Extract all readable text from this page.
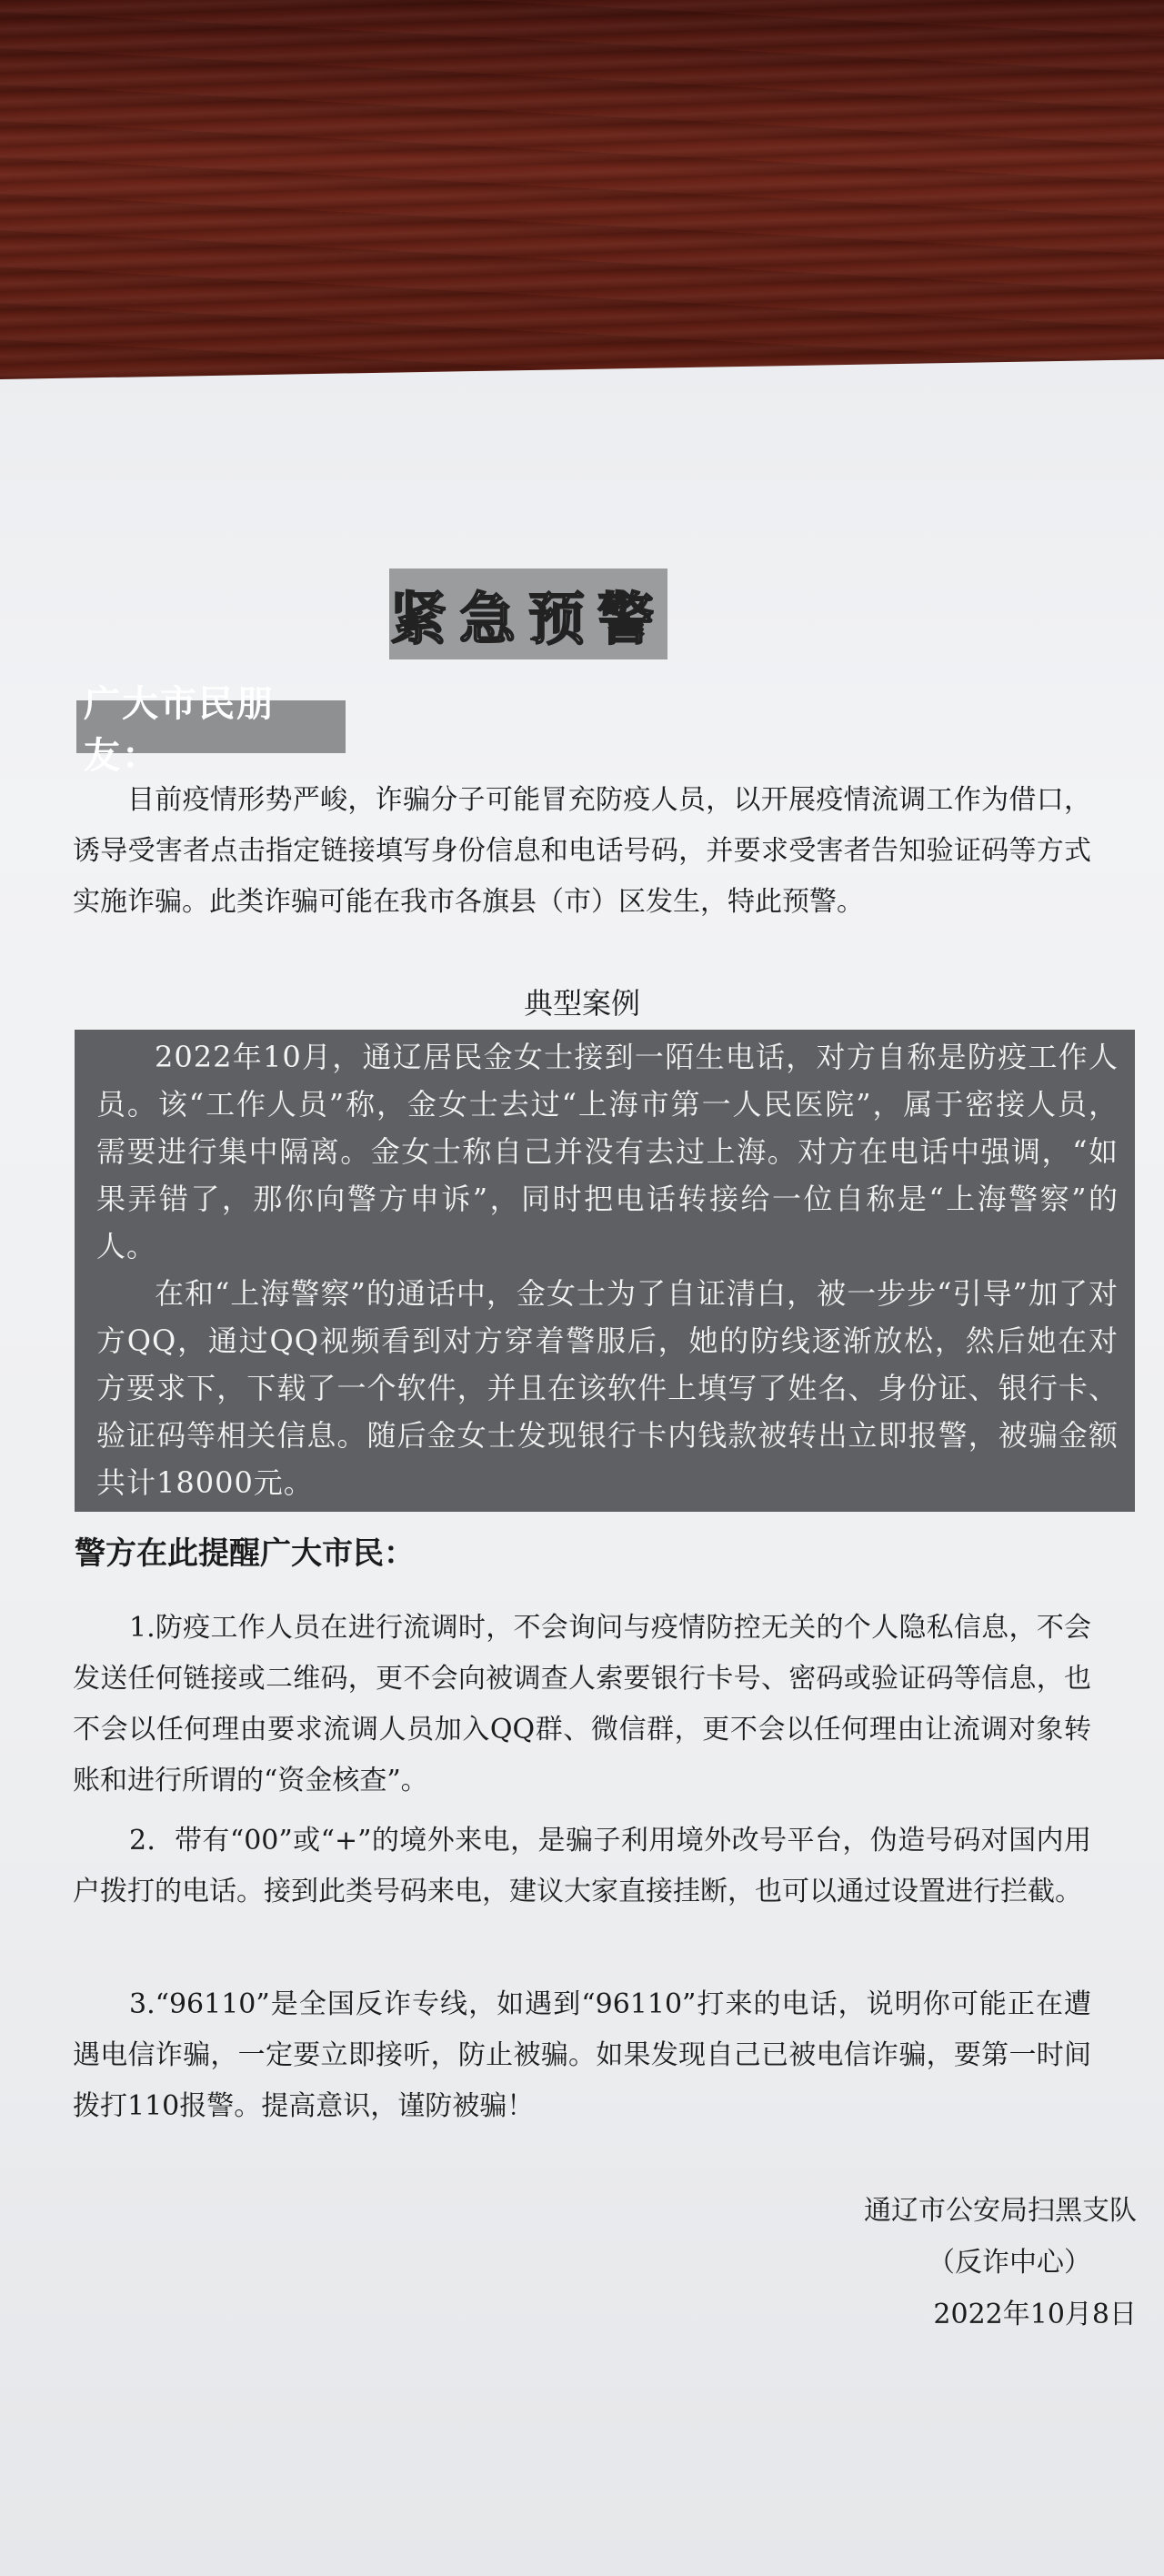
紧急预警
广大市民朋友：

目前疫情形势严峻，诈骗分子可能冒充防疫人员，以开展疫情流调工作为借口，诱导受害者点击指定链接填写身份信息和电话号码，并要求受害者告知验证码等方式实施诈骗。此类诈骗可能在我市各旗县（市）区发生，特此预警。

典型案例

2022年10月，通辽居民金女士接到一陌生电话，对方自称是防疫工作人员。该“工作人员”称，金女士去过“上海市第一人民医院”，属于密接人员，需要进行集中隔离。金女士称自己并没有去过上海。对方在电话中强调，“如果弄错了，那你向警方申诉”，同时把电话转接给一位自称是“上海警察”的人。

在和“上海警察”的通话中，金女士为了自证清白，被一步步“引导”加了对方QQ，通过QQ视频看到对方穿着警服后，她的防线逐渐放松，然后她在对方要求下，下载了一个软件，并且在该软件上填写了姓名、身份证、银行卡、验证码等相关信息。随后金女士发现银行卡内钱款被转出立即报警，被骗金额共计18000元。

警方在此提醒广大市民：

1.防疫工作人员在进行流调时，不会询问与疫情防控无关的个人隐私信息，不会发送任何链接或二维码，更不会向被调查人索要银行卡号、密码或验证码等信息，也不会以任何理由要求流调人员加入QQ群、微信群，更不会以任何理由让流调对象转账和进行所谓的“资金核查”。

2．带有“00”或“+”的境外来电，是骗子利用境外改号平台，伪造号码对国内用户拨打的电话。接到此类号码来电，建议大家直接挂断，也可以通过设置进行拦截。

3.“96110”是全国反诈专线，如遇到“96110”打来的电话，说明你可能正在遭遇电信诈骗，一定要立即接听，防止被骗。如果发现自己已被电信诈骗，要第一时间拨打110报警。提高意识，谨防被骗！

通辽市公安局扫黑支队
（反诈中心）
2022年10月8日
